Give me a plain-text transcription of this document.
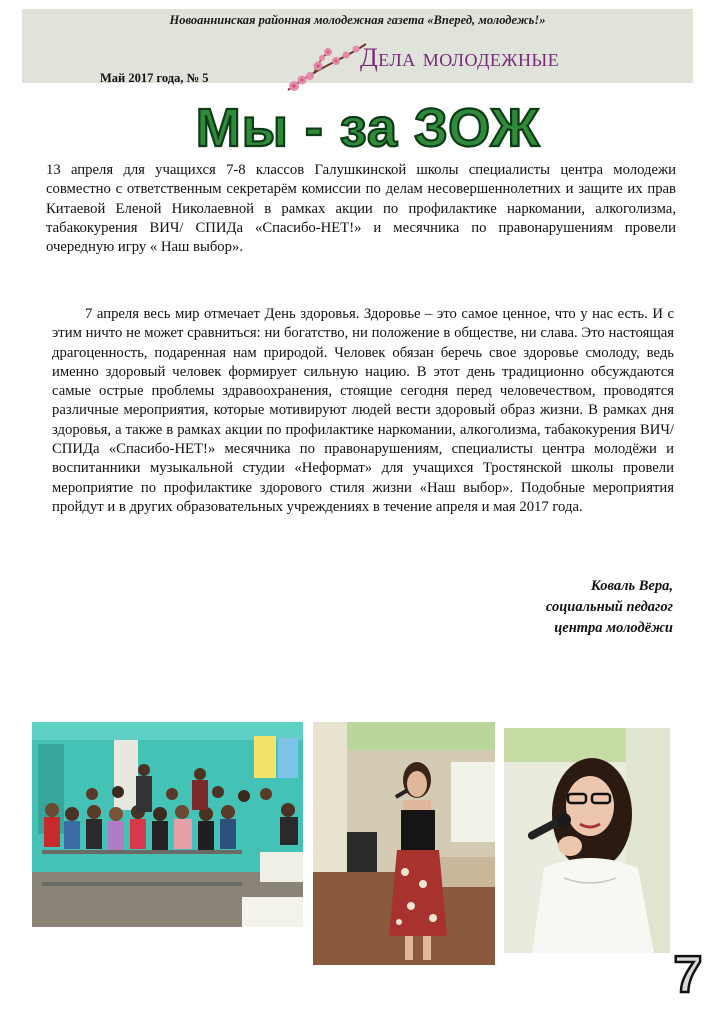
Новоаннинская районная молодежная газета «Вперед, молодежь!»
Май 2017 года, № 5
Дела молодежные
Мы - за ЗОЖ
13 апреля для учащихся 7-8 классов Галушкинской школы специалисты центра молодежи совместно с ответственным секретарём комиссии по делам несовершеннолетних и защите их прав Китаевой Еленой Николаевной в рамках акции по профилактике наркомании, алкоголизма, табакокурения ВИЧ/ СПИДа «Спасибо-НЕТ!» и месячника по правонарушениям провели очередную игру « Наш выбор».
7 апреля весь мир отмечает День здоровья. Здоровье – это самое ценное, что у нас есть. И с этим ничто не может сравниться: ни богатство, ни положение в обществе, ни слава. Это настоящая драгоценность, подаренная нам природой. Человек обязан беречь свое здоровье смолоду, ведь именно здоровый человек формирует сильную нацию. В этот день традиционно обсуждаются самые острые проблемы здравоохранения, стоящие сегодня перед человечеством, проводятся различные мероприятия, которые мотивируют людей вести здоровый образ жизни. В рамках дня здоровья, а также в рамках акции по профилактике наркомании, алкоголизма, табакокурения ВИЧ/ СПИДа «Спасибо-НЕТ!» месячника по правонарушениям, специалисты центра молодёжи и воспитанники музыкальной студии «Неформат» для учащихся Тростянской школы провели мероприятие по профилактике здорового стиля жизни «Наш выбор». Подобные мероприятия пройдут и в других образовательных учреждениях в течение апреля и мая 2017 года.
Коваль Вера,
социальный педагог
центра молодёжи
7
